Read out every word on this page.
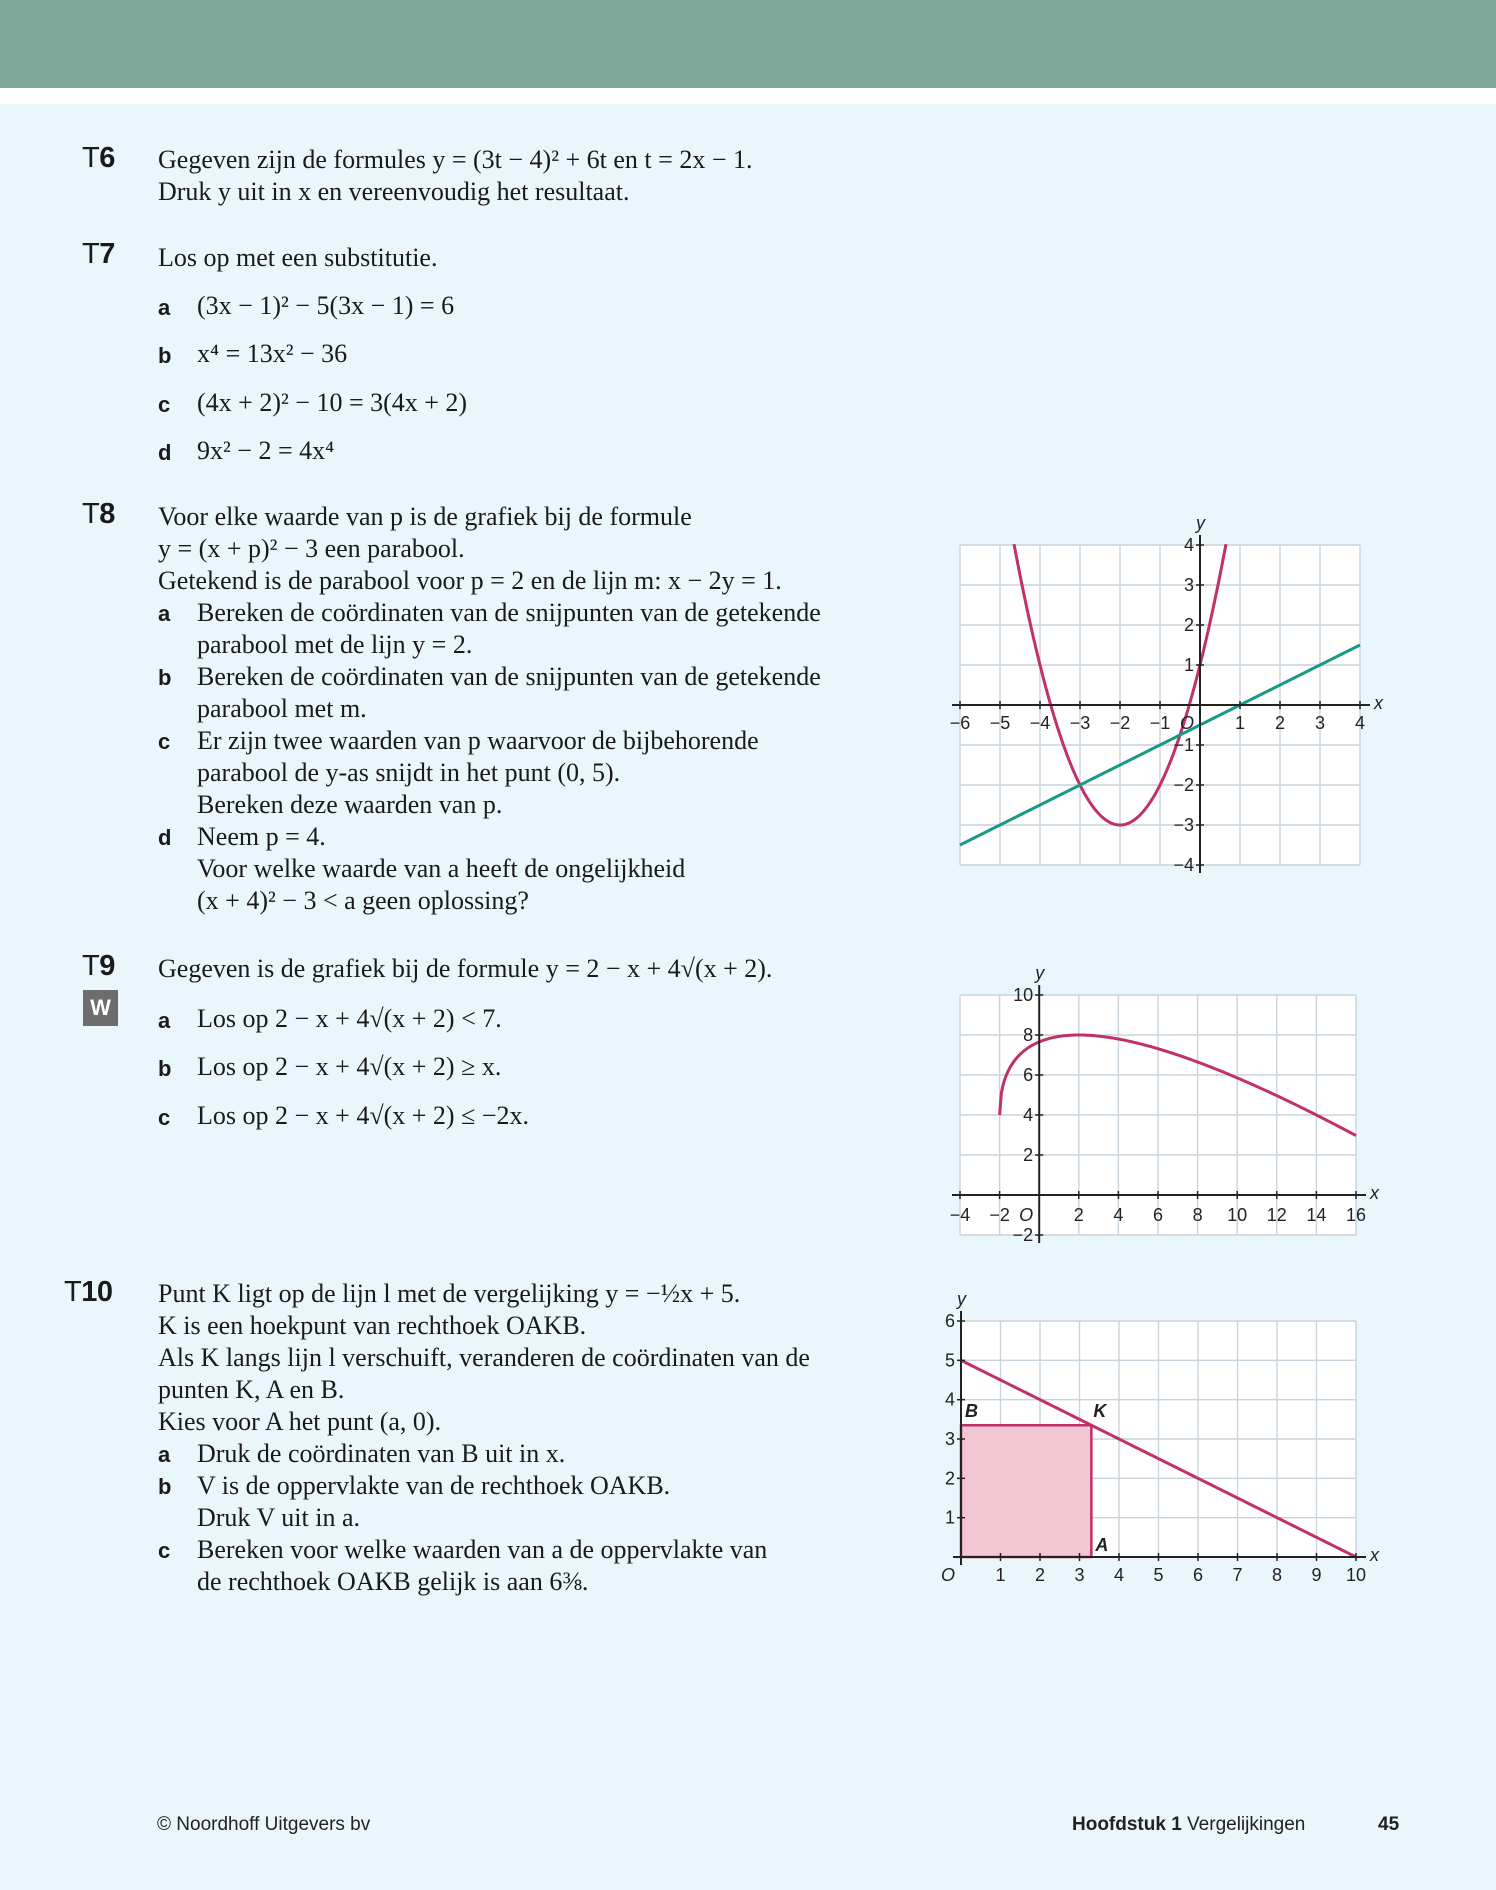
T6 Gegeven zijn de formules y = (3t − 4)² + 6t en t = 2x − 1.
Druk y uit in x en vereenvoudig het resultaat.
T7 Los op met een substitutie.
a (3x − 1)² − 5(3x − 1) = 6
b x⁴ = 13x² − 36
c (4x + 2)² − 10 = 3(4x + 2)
d 9x² − 2 = 4x⁴
T8 Voor elke waarde van p is de grafiek bij de formule
y = (x + p)² − 3 een parabool.
Getekend is de parabool voor p = 2 en de lijn m: x − 2y = 1.
a Bereken de coördinaten van de snijpunten van de getekende
parabool met de lijn y = 2.
b Bereken de coördinaten van de snijpunten van de getekende
parabool met m.
c Er zijn twee waarden van p waarvoor de bijbehorende
parabool de y-as snijdt in het punt (0, 5).
Bereken deze waarden van p.
d Neem p = 4.
Voor welke waarde van a heeft de ongelijkheid
(x + 4)² − 3 < a geen oplossing?
T9
W
Gegeven is de grafiek bij de formule y = 2 − x + 4√(x + 2).
a Los op 2 − x + 4√(x + 2) < 7.
b Los op 2 − x + 4√(x + 2) ≥ x.
c Los op 2 − x + 4√(x + 2) ≤ −2x.
T10 Punt K ligt op de lijn l met de vergelijking y = −½x + 5.
K is een hoekpunt van rechthoek OAKB.
Als K langs lijn l verschuift, veranderen de coördinaten van de
punten K, A en B.
Kies voor A het punt (a, 0).
a Druk de coördinaten van B uit in x.
b V is de oppervlakte van de rechthoek OAKB.
Druk V uit in a.
c Bereken voor welke waarden van a de oppervlakte van
de rechthoek OAKB gelijk is aan 6⅜.
x
y
−6 −5 −4 −3 −2 −1	1 2 3 4
−4
−3
−2
−1
1
2
3
4
O
x
y
−4 −2	2 4 6 8 10 12 14 16
−2
2
4
6
8
10
O
x
y
1 2 3 4 5 6 7 8 9 10
1
2
3
4
5
6
O
B	K
A
© Noordhoff Uitgevers bv	Hoofdstuk 1 Vergelijkingen	45
